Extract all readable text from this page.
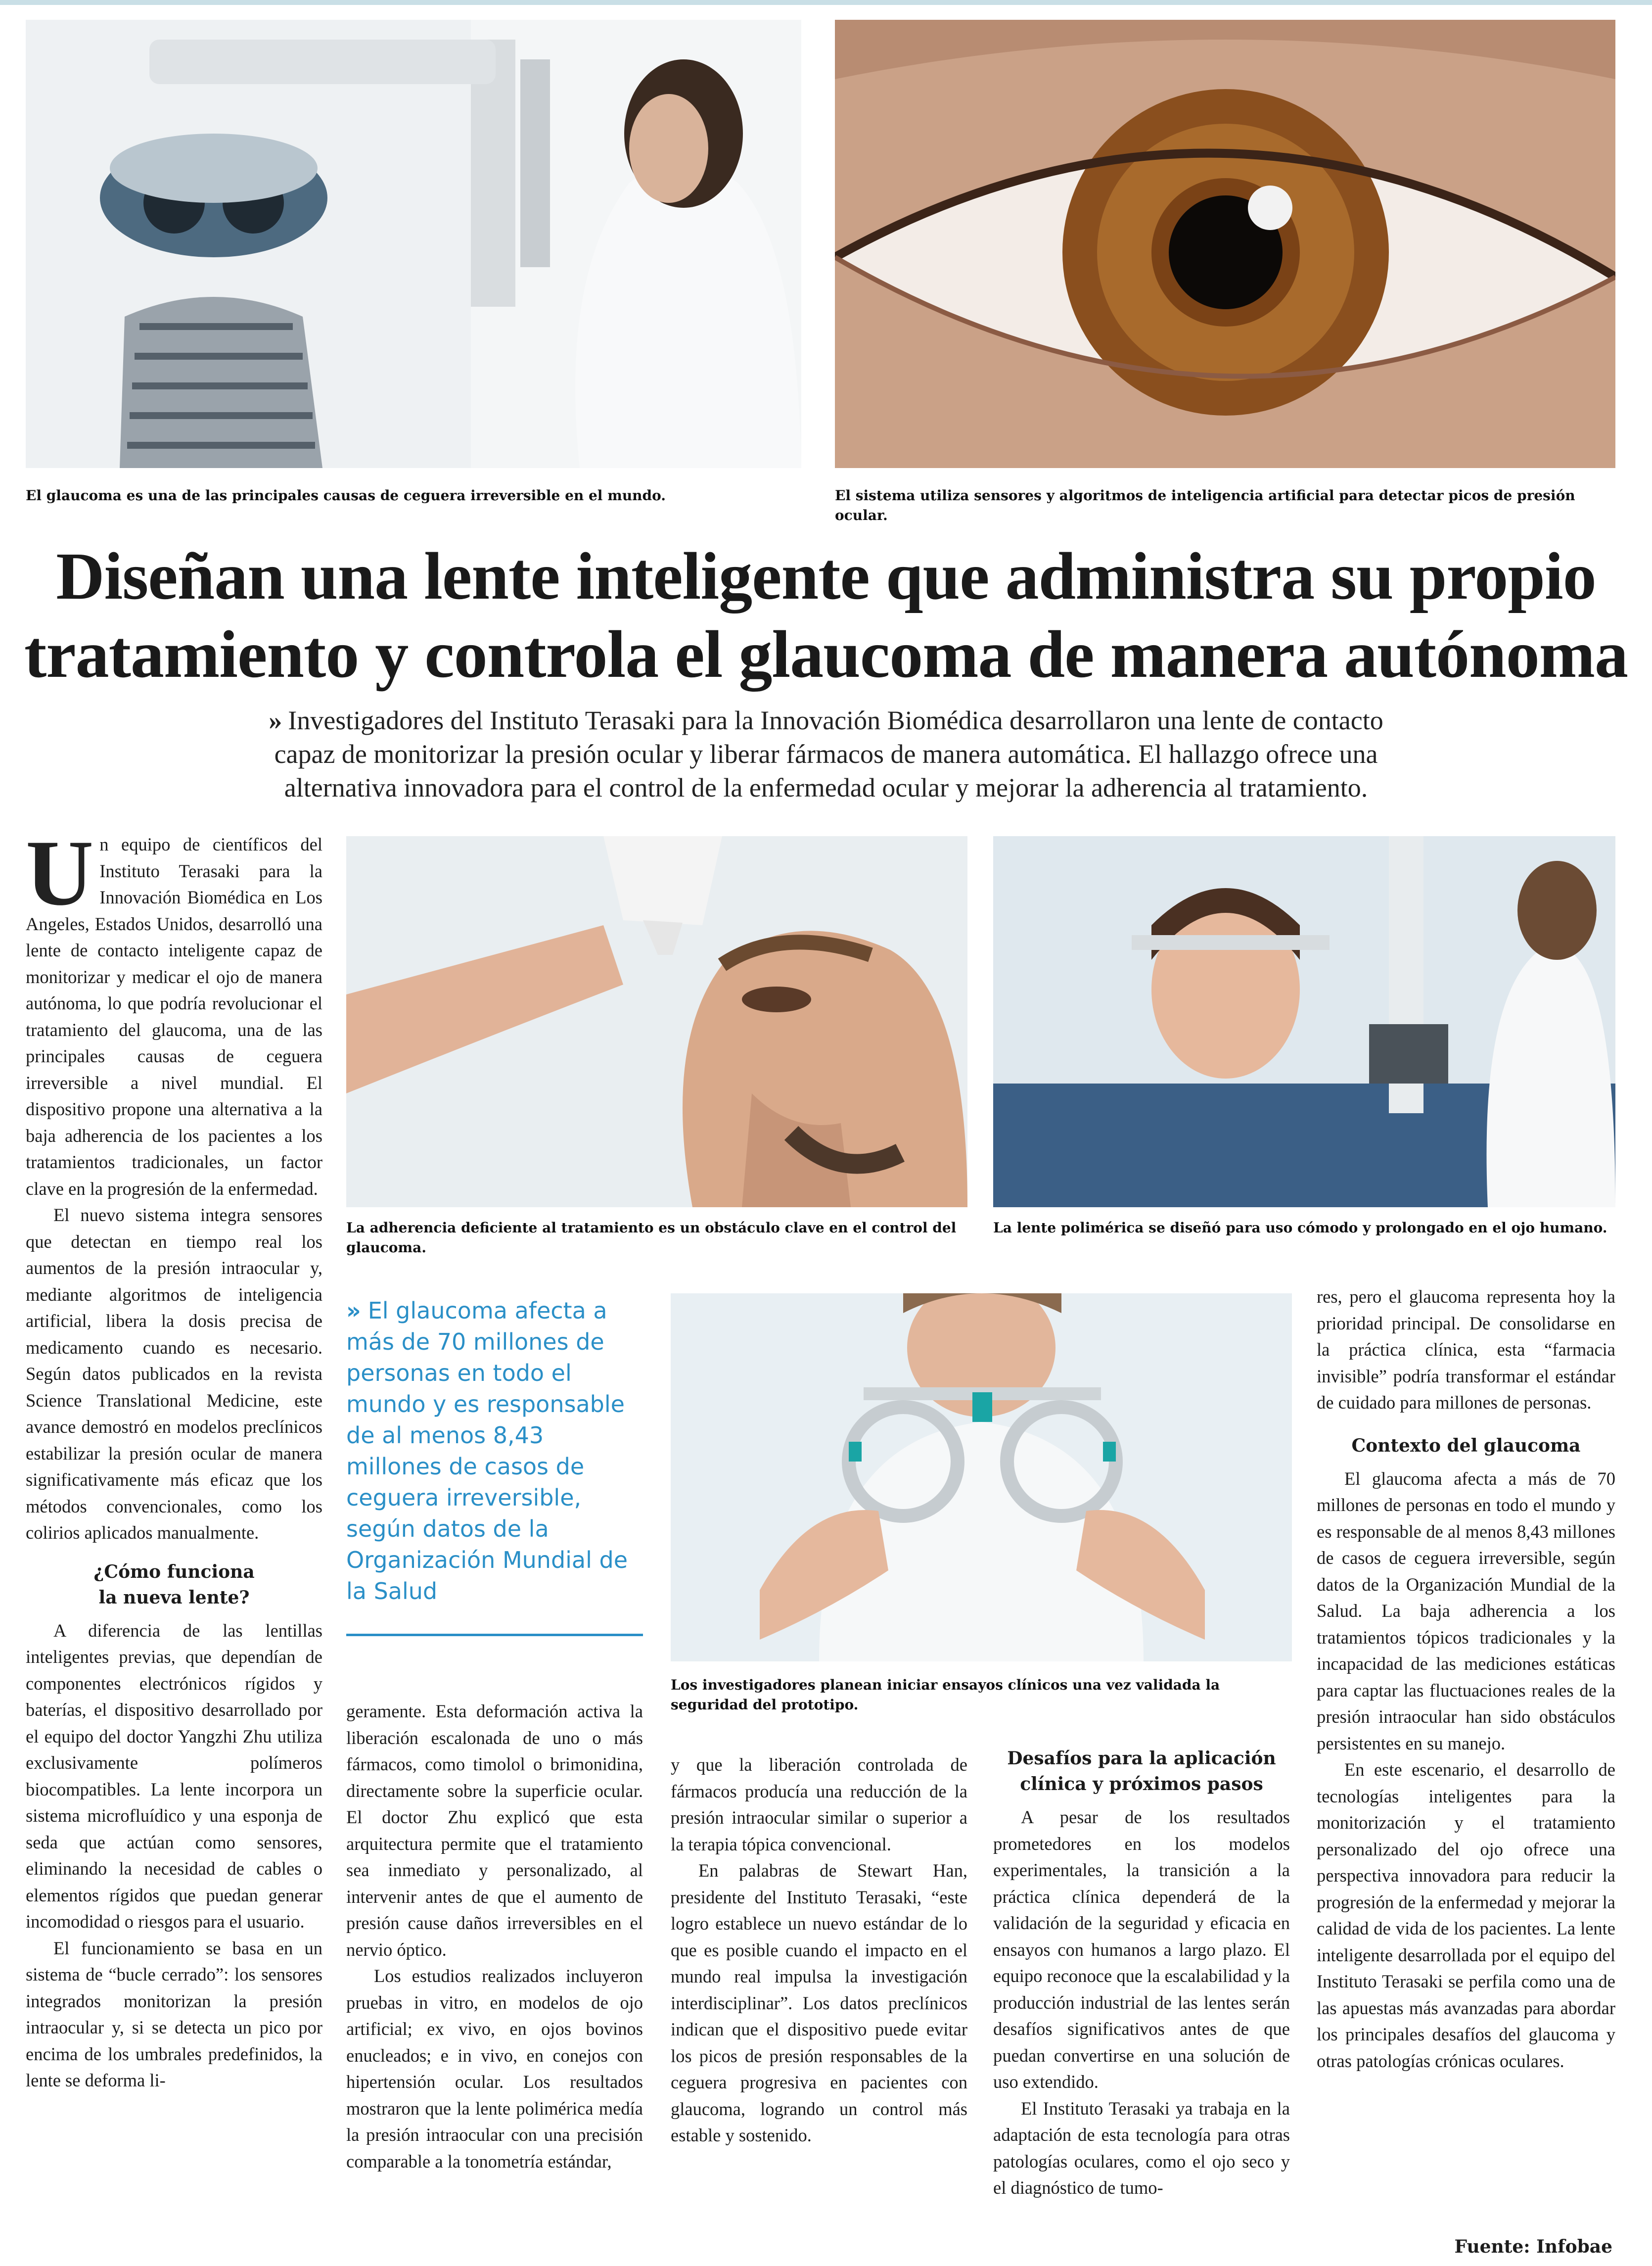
El glaucoma es una de las principales causas de ceguera irreversible en el mundo.	El sistema utiliza sensores y algoritmos de inteligencia artificial para detectar picos de presión ocular.
Diseñan una lente inteligente que administra su propio
tratamiento y controla el glaucoma de manera autónoma
» Investigadores del Instituto Terasaki para la Innovación Biomédica desarrollaron una lente de contacto
capaz de monitorizar la presión ocular y liberar fármacos de manera automática. El hallazgo ofrece una
alternativa innovadora para el control de la enfermedad ocular y mejorar la adherencia al tratamiento.

Un equipo de científicos del Instituto Terasaki para la Innovación Biomédica en Los Angeles, Estados Unidos, desarrolló una lente de contacto inteligente capaz de monitorizar y medicar el ojo de manera autónoma, lo que podría revolucionar el tratamiento del glaucoma, una de las principales causas de ceguera irreversible a nivel mundial. El dispositivo propone una alternativa a la baja adherencia de los pacientes a los tratamientos tradicionales, un factor clave en la progresión de la enfermedad.

El nuevo sistema integra sensores que detectan en tiempo real los aumentos de la presión intraocular y, mediante algoritmos de inteligencia artificial, libera la dosis precisa de medicamento cuando es necesario. Según datos publicados en la revista Science Translational Medicine, este avance demostró en modelos preclínicos estabilizar la presión ocular de manera significativamente más eficaz que los métodos convencionales, como los colirios aplicados manualmente.

¿Cómo funciona
la nueva lente?

A diferencia de las lentillas inteligentes previas, que dependían de componentes electrónicos rígidos y baterías, el dispositivo desarrollado por el equipo del doctor Yangzhi Zhu utiliza exclusivamente polímeros biocompatibles. La lente incorpora un sistema microfluídico y una esponja de seda que actúan como sensores, eliminando la necesidad de cables o elementos rígidos que puedan generar incomodidad o riesgos para el usuario.

El funcionamiento se basa en un sistema de “bucle cerrado”: los sensores integrados monitorizan la presión intraocular y, si se detecta un pico por encima de los umbrales predefinidos, la lente se deforma li-

La adherencia deficiente al tratamiento es un obstáculo clave en el control del glaucoma.
La lente polimérica se diseñó para uso cómodo y prolongado en el ojo humano.
» El glaucoma afecta a más de 70 millones de personas en todo el mundo y es responsable de al menos 8,43 millones de casos de ceguera irreversible, según datos de la Organización Mundial de la Salud
Los investigadores planean iniciar ensayos clínicos una vez validada la seguridad del prototipo.

geramente. Esta deformación activa la liberación escalonada de uno o más fármacos, como timolol o brimonidina, directamente sobre la superficie ocular. El doctor Zhu explicó que esta arquitectura permite que el tratamiento sea inmediato y personalizado, al intervenir antes de que el aumento de presión cause daños irreversibles en el nervio óptico.

Los estudios realizados incluyeron pruebas in vitro, en modelos de ojo artificial; ex vivo, en ojos bovinos enucleados; e in vivo, en conejos con hipertensión ocular. Los resultados mostraron que la lente polimérica medía la presión intraocular con una precisión comparable a la tonometría estándar,

y que la liberación controlada de fármacos producía una reducción de la presión intraocular similar o superior a la terapia tópica convencional.

En palabras de Stewart Han, presidente del Instituto Terasaki, “este logro establece un nuevo estándar de lo que es posible cuando el impacto en el mundo real impulsa la investigación interdisciplinar”. Los datos preclínicos indican que el dispositivo puede evitar los picos de presión responsables de la ceguera progresiva en pacientes con glaucoma, logrando un control más estable y sostenido.

Desafíos para la aplicación
clínica y próximos pasos

A pesar de los resultados prometedores en los modelos experimentales, la transición a la práctica clínica dependerá de la validación de la seguridad y eficacia en ensayos con humanos a largo plazo. El equipo reconoce que la escalabilidad y la producción industrial de las lentes serán desafíos significativos antes de que puedan convertirse en una solución de uso extendido.

El Instituto Terasaki ya trabaja en la adaptación de esta tecnología para otras patologías oculares, como el ojo seco y el diagnóstico de tumo-

res, pero el glaucoma representa hoy la prioridad principal. De consolidarse en la práctica clínica, esta “farmacia invisible” podría transformar el estándar de cuidado para millones de personas.

Contexto del glaucoma

El glaucoma afecta a más de 70 millones de personas en todo el mundo y es responsable de al menos 8,43 millones de casos de ceguera irreversible, según datos de la Organización Mundial de la Salud. La baja adherencia a los tratamientos tópicos tradicionales y la incapacidad de las mediciones estáticas para captar las fluctuaciones reales de la presión intraocular han sido obstáculos persistentes en su manejo.

En este escenario, el desarrollo de tecnologías inteligentes para la monitorización y el tratamiento personalizado del ojo ofrece una perspectiva innovadora para reducir la progresión de la enfermedad y mejorar la calidad de vida de los pacientes. La lente inteligente desarrollada por el equipo del Instituto Terasaki se perfila como una de las apuestas más avanzadas para abordar los principales desafíos del glaucoma y otras patologías crónicas oculares.

Fuente: Infobae
